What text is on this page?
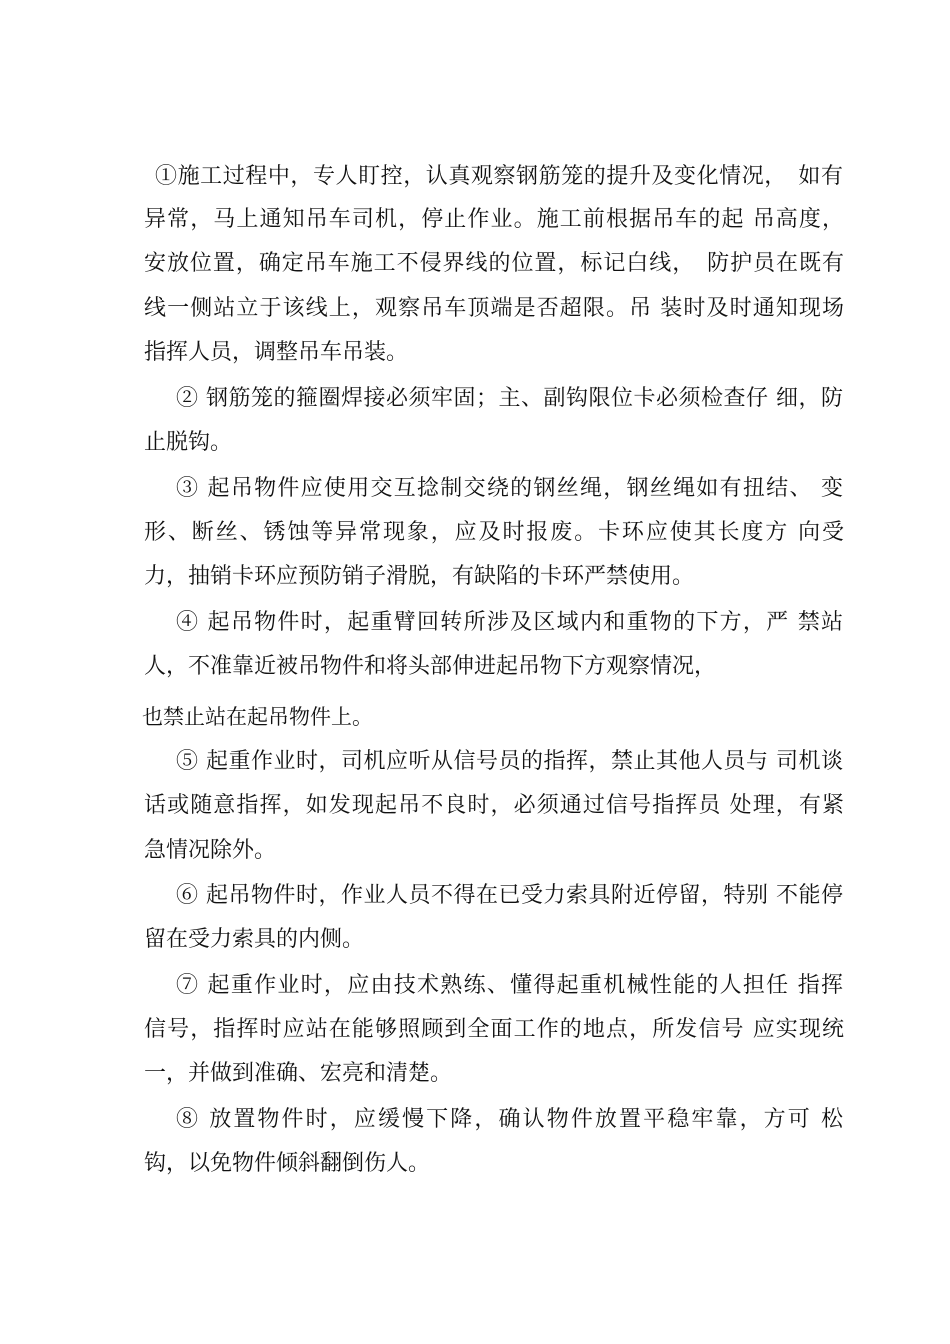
①施工过程中，专人盯控，认真观察钢筋笼的提升及变化情况，　如有
异常，马上通知吊车司机，停止作业。施工前根据吊车的起 吊高度，
安放位置，确定吊车施工不侵界线的位置，标记白线，　防护员在既有
线一侧站立于该线上，观察吊车顶端是否超限。吊 装时及时通知现场
指挥人员，调整吊车吊装。
② 钢筋笼的箍圈焊接必须牢固；主、副钩限位卡必须检查仔 细，防
止脱钩。
③ 起吊物件应使用交互捻制交绕的钢丝绳，钢丝绳如有扭结、 变
形、断丝、锈蚀等异常现象，应及时报废。卡环应使其长度方 向受
力，抽销卡环应预防销子滑脱，有缺陷的卡环严禁使用。
④ 起吊物件时，起重臂回转所涉及区域内和重物的下方，严 禁站
人，不准靠近被吊物件和将头部伸进起吊物下方观察情况，
也禁止站在起吊物件上。
⑤ 起重作业时，司机应听从信号员的指挥，禁止其他人员与 司机谈
话或随意指挥，如发现起吊不良时，必须通过信号指挥员 处理，有紧
急情况除外。
⑥ 起吊物件时，作业人员不得在已受力索具附近停留，特别 不能停
留在受力索具的内侧。
⑦ 起重作业时，应由技术熟练、懂得起重机械性能的人担任 指挥
信号，指挥时应站在能够照顾到全面工作的地点，所发信号 应实现统
一，并做到准确、宏亮和清楚。
⑧ 放置物件时，应缓慢下降，确认物件放置平稳牢靠，方可 松
钩，以免物件倾斜翻倒伤人。
